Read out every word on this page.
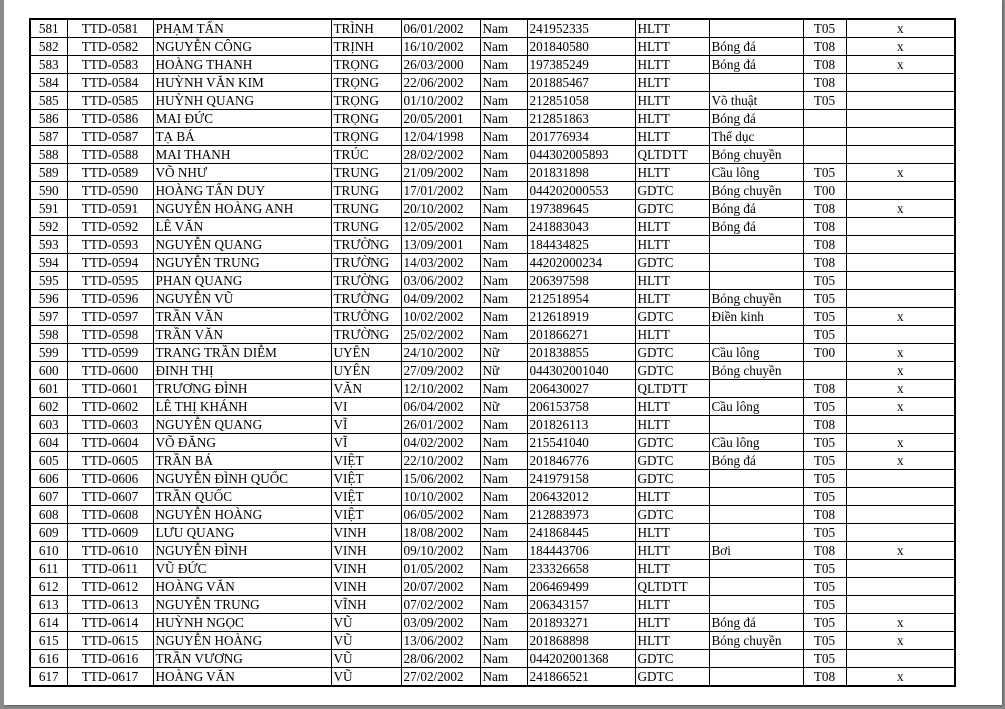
581	TTD-0581	PHẠM TẤN	TRÌNH	06/01/2002	Nam	241952335	HLTT		T05	x
582	TTD-0582	NGUYỄN CÔNG	TRỊNH	16/10/2002	Nam	201840580	HLTT	Bóng đá	T08	x
583	TTD-0583	HOÀNG THANH	TRỌNG	26/03/2000	Nam	197385249	HLTT	Bóng đá	T08	x
584	TTD-0584	HUỲNH VĂN KIM	TRỌNG	22/06/2002	Nam	201885467	HLTT		T08	
585	TTD-0585	HUỲNH QUANG	TRỌNG	01/10/2002	Nam	212851058	HLTT	Võ thuật	T05	
586	TTD-0586	MAI ĐỨC	TRỌNG	20/05/2001	Nam	212851863	HLTT	Bóng đá		
587	TTD-0587	TẠ BÁ	TRỌNG	12/04/1998	Nam	201776934	HLTT	Thể dục		
588	TTD-0588	MAI THANH	TRÚC	28/02/2002	Nam	044302005893	QLTDTT	Bóng chuyền		
589	TTD-0589	VÕ NHƯ	TRUNG	21/09/2002	Nam	201831898	HLTT	Cầu lông	T05	x
590	TTD-0590	HOÀNG TẤN DUY	TRUNG	17/01/2002	Nam	044202000553	GDTC	Bóng chuyền	T00	
591	TTD-0591	NGUYỄN HOÀNG ANH	TRUNG	20/10/2002	Nam	197389645	GDTC	Bóng đá	T08	x
592	TTD-0592	LÊ VĂN	TRUNG	12/05/2002	Nam	241883043	HLTT	Bóng đá	T08	
593	TTD-0593	NGUYỄN QUANG	TRƯỜNG	13/09/2001	Nam	184434825	HLTT		T08	
594	TTD-0594	NGUYỄN TRUNG	TRƯỜNG	14/03/2002	Nam	44202000234	GDTC		T08	
595	TTD-0595	PHAN QUANG	TRƯỜNG	03/06/2002	Nam	206397598	HLTT		T05	
596	TTD-0596	NGUYỄN VŨ	TRƯỜNG	04/09/2002	Nam	212518954	HLTT	Bóng chuyền	T05	
597	TTD-0597	TRẦN VĂN	TRƯỜNG	10/02/2002	Nam	212618919	GDTC	Điền kinh	T05	x
598	TTD-0598	TRẦN VĂN	TRƯỜNG	25/02/2002	Nam	201866271	HLTT		T05	
599	TTD-0599	TRANG TRẦN DIỄM	UYÊN	24/10/2002	Nữ	201838855	GDTC	Cầu lông	T00	x
600	TTD-0600	ĐINH THỊ	UYÊN	27/09/2002	Nữ	044302001040	GDTC	Bóng chuyền		x
601	TTD-0601	TRƯƠNG ĐÌNH	VĂN	12/10/2002	Nam	206430027	QLTDTT		T08	x
602	TTD-0602	LÊ THỊ KHÁNH	VI	06/04/2002	Nữ	206153758	HLTT	Cầu lông	T05	x
603	TTD-0603	NGUYỄN QUANG	VĨ	26/01/2002	Nam	201826113	HLTT		T08	
604	TTD-0604	VÕ ĐĂNG	VĨ	04/02/2002	Nam	215541040	GDTC	Cầu lông	T05	x
605	TTD-0605	TRẦN BÁ	VIỆT	22/10/2002	Nam	201846776	GDTC	Bóng đá	T05	x
606	TTD-0606	NGUYỄN ĐÌNH QUỐC	VIỆT	15/06/2002	Nam	241979158	GDTC		T05	
607	TTD-0607	TRẦN QUỐC	VIỆT	10/10/2002	Nam	206432012	HLTT		T05	
608	TTD-0608	NGUYỄN HOÀNG	VIỆT	06/05/2002	Nam	212883973	GDTC		T08	
609	TTD-0609	LƯU QUANG	VINH	18/08/2002	Nam	241868445	HLTT		T05	
610	TTD-0610	NGUYỄN ĐÌNH	VINH	09/10/2002	Nam	184443706	HLTT	Bơi	T08	x
611	TTD-0611	VŨ ĐỨC	VINH	01/05/2002	Nam	233326658	HLTT		T05	
612	TTD-0612	HOÀNG VĂN	VINH	20/07/2002	Nam	206469499	QLTDTT		T05	
613	TTD-0613	NGUYỄN TRUNG	VĨNH	07/02/2002	Nam	206343157	HLTT		T05	
614	TTD-0614	HUỲNH NGỌC	VŨ	03/09/2002	Nam	201893271	HLTT	Bóng đá	T05	x
615	TTD-0615	NGUYỄN HOÀNG	VŨ	13/06/2002	Nam	201868898	HLTT	Bóng chuyền	T05	x
616	TTD-0616	TRẦN VƯƠNG	VŨ	28/06/2002	Nam	044202001368	GDTC		T05	
617	TTD-0617	HOÀNG VĂN	VŨ	27/02/2002	Nam	241866521	GDTC		T08	x
